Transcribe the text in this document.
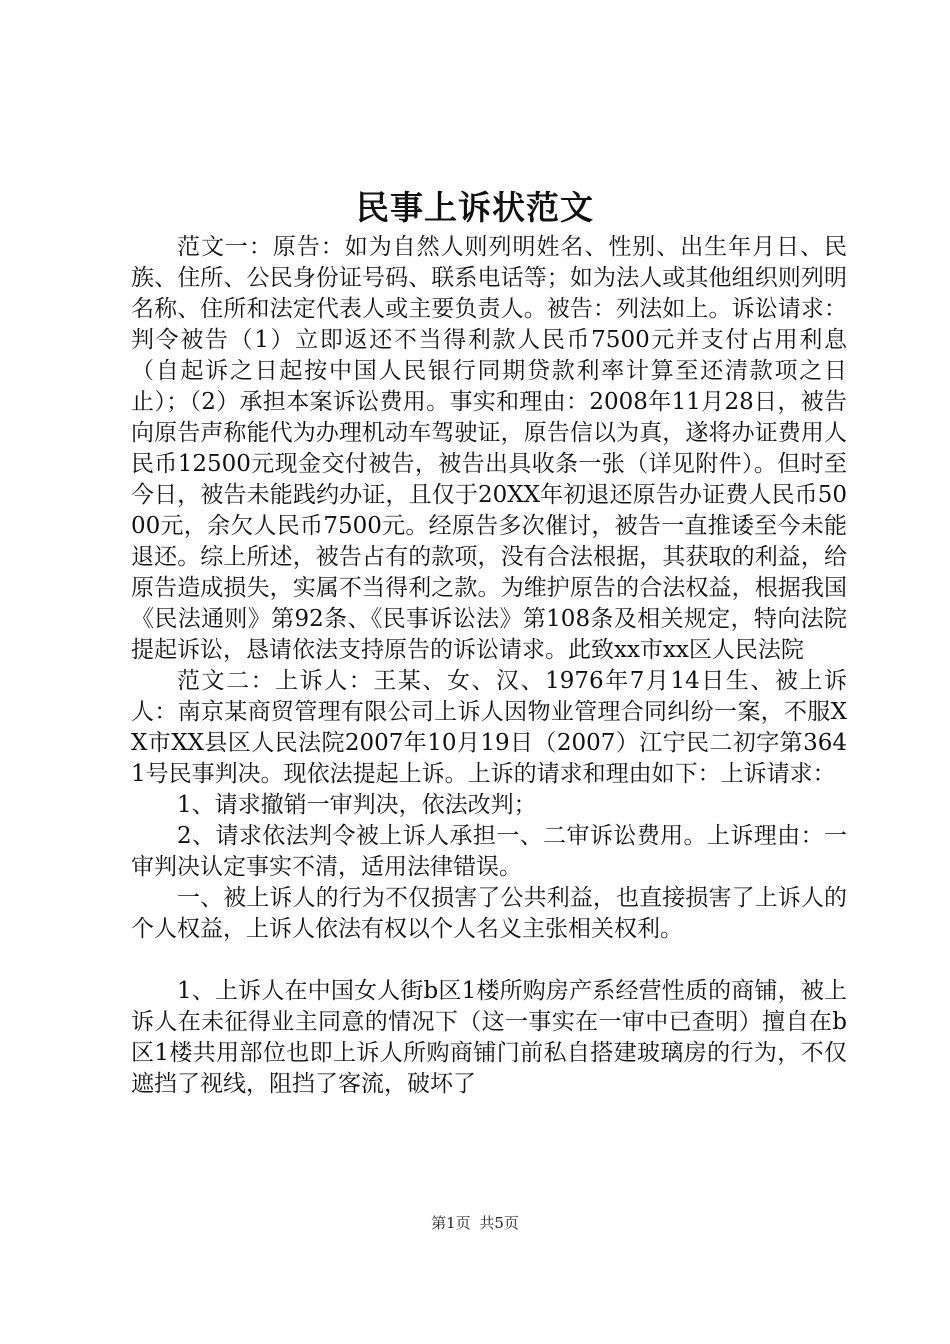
民事上诉状范文

范文一：原告：如为自然人则列明姓名、性别、出生年月日、民族、住所、公民身份证号码、联系电话等；如为法人或其他组织则列明名称、住所和法定代表人或主要负责人。被告：列法如上。诉讼请求：判令被告（1）立即返还不当得利款人民币7500元并支付占用利息（自起诉之日起按中国人民银行同期贷款利率计算至还清款项之日止）；（2）承担本案诉讼费用。事实和理由：2008年11月28日，被告向原告声称能代为办理机动车驾驶证，原告信以为真，遂将办证费用人民币12500元现金交付被告，被告出具收条一张（详见附件）。但时至今日，被告未能践约办证，且仅于20XX年初退还原告办证费人民币5000元，余欠人民币7500元。经原告多次催讨，被告一直推诿至今未能退还。综上所述，被告占有的款项，没有合法根据，其获取的利益，给原告造成损失，实属不当得利之款。为维护原告的合法权益，根据我国《民法通则》第92条、《民事诉讼法》第108条及相关规定，特向法院提起诉讼，恳请依法支持原告的诉讼请求。此致xx市xx区人民法院

范文二：上诉人：王某、女、汉、1976年7月14日生、被上诉人：南京某商贸管理有限公司上诉人因物业管理合同纠纷一案，不服XX市XX县区人民法院2007年10月19日（2007）江宁民二初字第3641号民事判决。现依法提起上诉。上诉的请求和理由如下：上诉请求：

1、请求撤销一审判决，依法改判；

2、请求依法判令被上诉人承担一、二审诉讼费用。上诉理由：一审判决认定事实不清，适用法律错误。

一、被上诉人的行为不仅损害了公共利益，也直接损害了上诉人的个人权益，上诉人依法有权以个人名义主张相关权利。

1、上诉人在中国女人街b区1楼所购房产系经营性质的商铺，被上诉人在未征得业主同意的情况下（这一事实在一审中已查明）擅自在b区1楼共用部位也即上诉人所购商铺门前私自搭建玻璃房的行为，不仅遮挡了视线，阻挡了客流，破坏了

第1页 共5页
